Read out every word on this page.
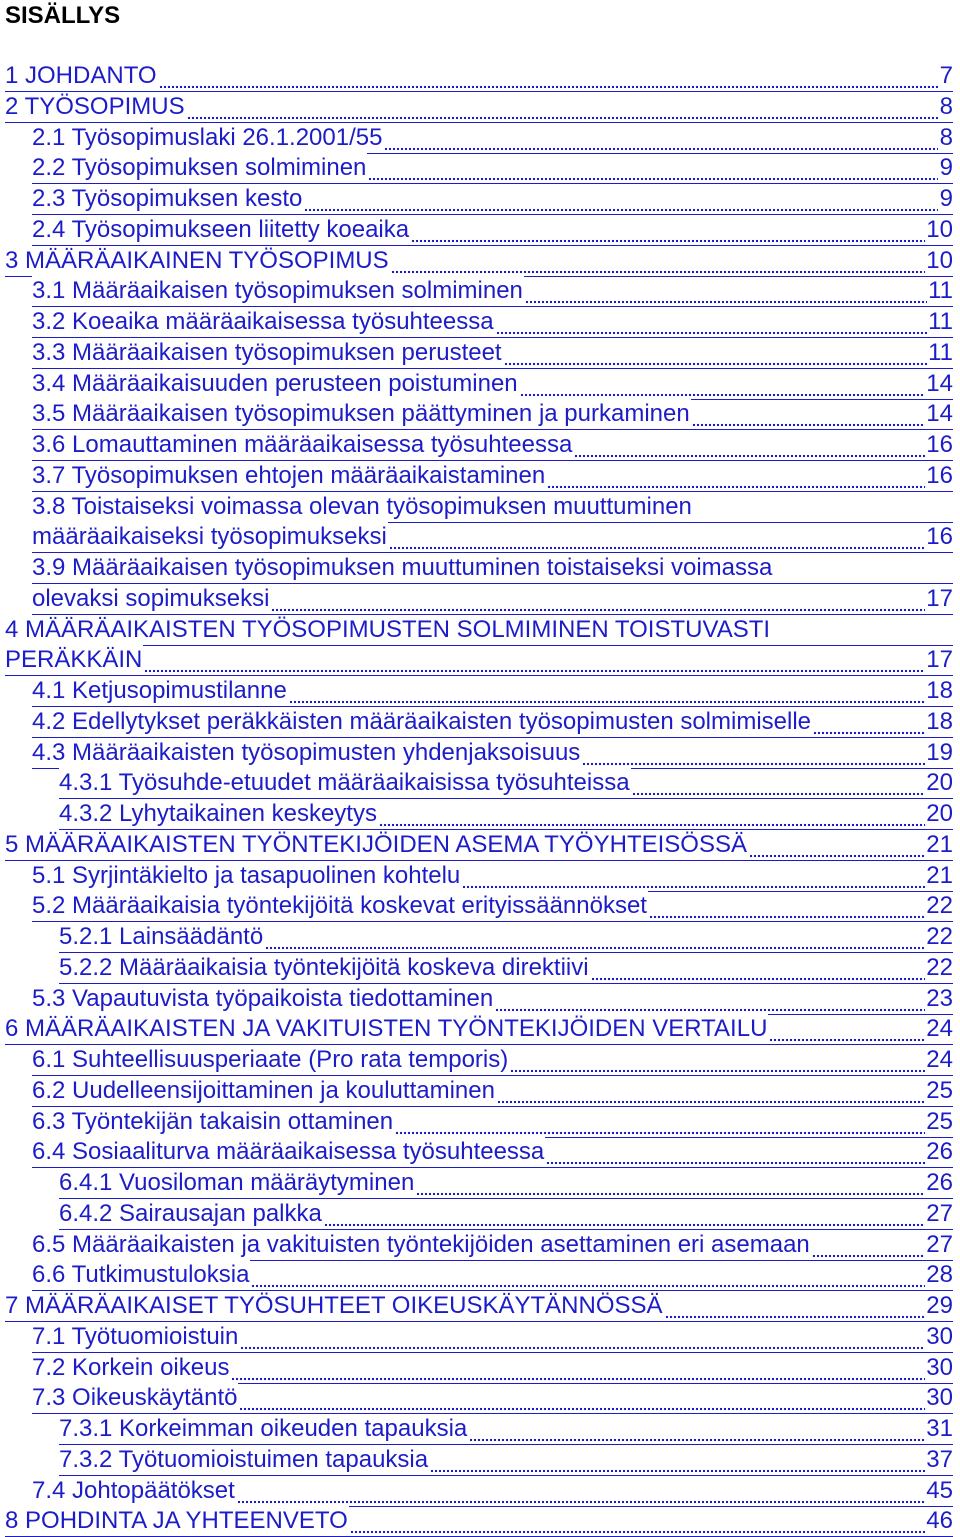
SISÄLLYS
1 JOHDANTO	7
2 TYÖSOPIMUS	8
2.1 Työsopimuslaki 26.1.2001/55	8
2.2 Työsopimuksen solmiminen	9
2.3 Työsopimuksen kesto	9
2.4 Työsopimukseen liitetty koeaika	10
3 MÄÄRÄAIKAINEN TYÖSOPIMUS	10
3.1 Määräaikaisen työsopimuksen solmiminen	11
3.2 Koeaika määräaikaisessa työsuhteessa	11
3.3 Määräaikaisen työsopimuksen perusteet	11
3.4 Määräaikaisuuden perusteen poistuminen	14
3.5 Määräaikaisen työsopimuksen päättyminen ja purkaminen	14
3.6 Lomauttaminen määräaikaisessa työsuhteessa	16
3.7 Työsopimuksen ehtojen määräaikaistaminen	16
3.8 Toistaiseksi voimassa olevan työsopimuksen muuttuminen
määräaikaiseksi työsopimukseksi	16
3.9 Määräaikaisen työsopimuksen muuttuminen toistaiseksi voimassa
olevaksi sopimukseksi	17
4 MÄÄRÄAIKAISTEN TYÖSOPIMUSTEN SOLMIMINEN TOISTUVASTI
PERÄKKÄIN	17
4.1 Ketjusopimustilanne	18
4.2 Edellytykset peräkkäisten määräaikaisten työsopimusten solmimiselle	18
4.3 Määräaikaisten työsopimusten yhdenjaksoisuus	19
4.3.1 Työsuhde-etuudet määräaikaisissa työsuhteissa	20
4.3.2 Lyhytaikainen keskeytys	20
5 MÄÄRÄAIKAISTEN TYÖNTEKIJÖIDEN ASEMA TYÖYHTEISÖSSÄ	21
5.1 Syrjintäkielto ja tasapuolinen kohtelu	21
5.2 Määräaikaisia työntekijöitä koskevat erityissäännökset	22
5.2.1 Lainsäädäntö	22
5.2.2 Määräaikaisia työntekijöitä koskeva direktiivi	22
5.3 Vapautuvista työpaikoista tiedottaminen	23
6 MÄÄRÄAIKAISTEN JA VAKITUISTEN TYÖNTEKIJÖIDEN VERTAILU	24
6.1 Suhteellisuusperiaate (Pro rata temporis)	24
6.2 Uudelleensijoittaminen ja kouluttaminen	25
6.3 Työntekijän takaisin ottaminen	25
6.4 Sosiaaliturva määräaikaisessa työsuhteessa	26
6.4.1 Vuosiloman määräytyminen	26
6.4.2 Sairausajan palkka	27
6.5 Määräaikaisten ja vakituisten työntekijöiden asettaminen eri asemaan	27
6.6 Tutkimustuloksia	28
7 MÄÄRÄAIKAISET TYÖSUHTEET OIKEUSKÄYTÄNNÖSSÄ	29
7.1 Työtuomioistuin	30
7.2 Korkein oikeus	30
7.3 Oikeuskäytäntö	30
7.3.1 Korkeimman oikeuden tapauksia	31
7.3.2 Työtuomioistuimen tapauksia	37
7.4 Johtopäätökset	45
8 POHDINTA JA YHTEENVETO	46
